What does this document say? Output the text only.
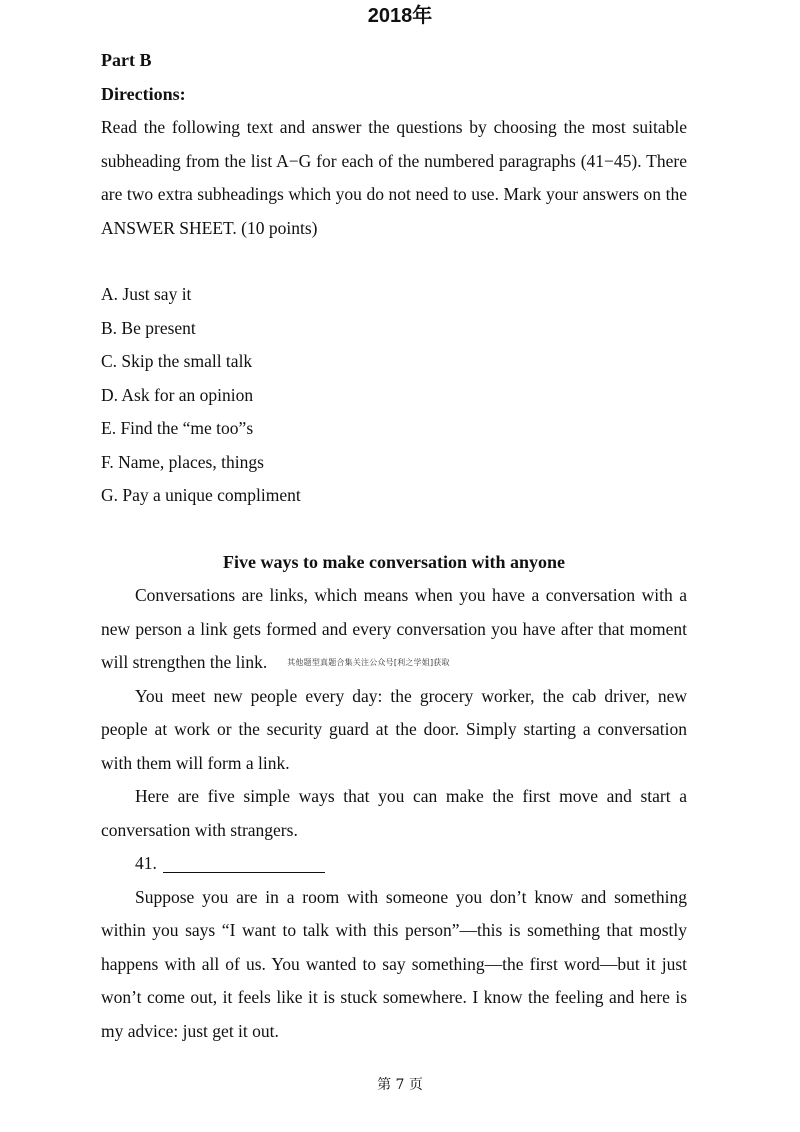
2018年

Part B

Directions:

Read the following text and answer the questions by choosing the most suitable subheading from the list A−G for each of the numbered paragraphs (41−45). There are two extra subheadings which you do not need to use. Mark your answers on the ANSWER SHEET. (10 points)

A. Just say it
B. Be present
C. Skip the small talk
D. Ask for an opinion
E. Find the “me too”s
F. Name, places, things
G. Pay a unique compliment

Five ways to make conversation with anyone

Conversations are links, which means when you have a conversation with a new person a link gets formed and every conversation you have after that moment will strengthen the link.	其他题型真题合集关注公众号[利之学姐]获取

You meet new people every day: the grocery worker, the cab driver, new people at work or the security guard at the door. Simply starting a conversation with them will form a link.

Here are five simple ways that you can make the first move and start a conversation with strangers.

41.

Suppose you are in a room with someone you don’t know and something within you says “I want to talk with this person”—this is something that mostly happens with all of us. You wanted to say something—the first word—but it just won’t come out, it feels like it is stuck somewhere. I know the feeling and here is my advice: just get it out.

第 7 页
